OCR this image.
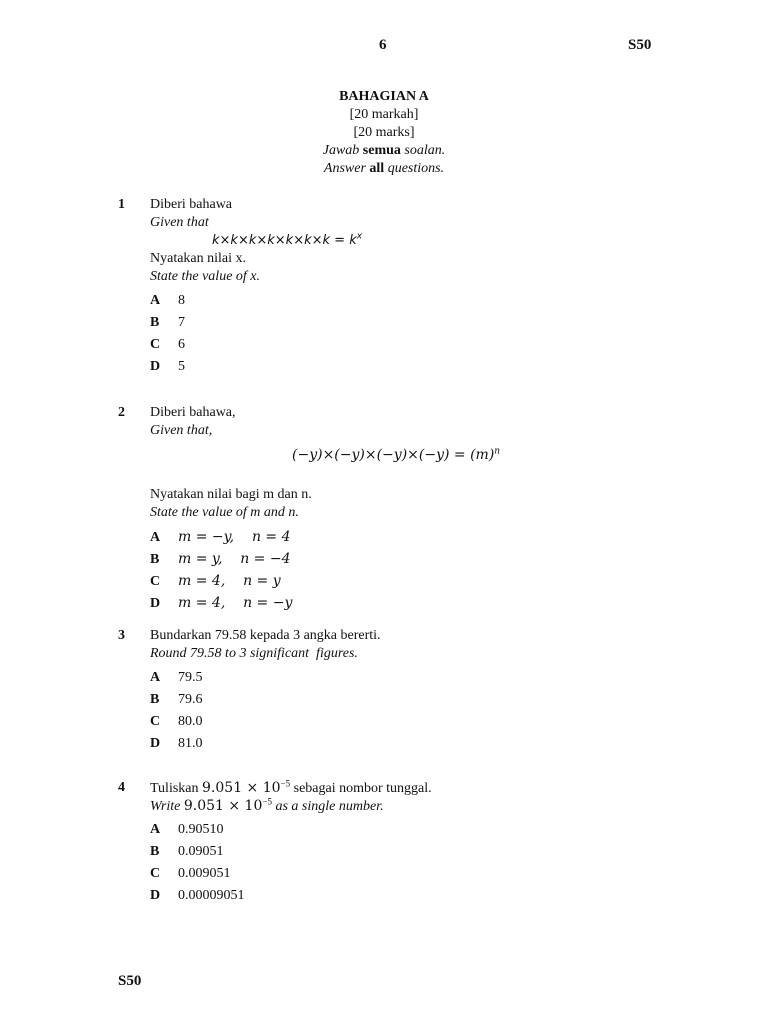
6	S50
BAHAGIAN A
[20 markah]
[20 marks]
Jawab semua soalan.
Answer all questions.
1 Diberi bahawa
Given that
$k\times k\times k\times k\times k\times k\times k = k^x$
Nyatakan nilai x.
State the value of x.
A 8
B 7
C 6
D 5
2 Diberi bahawa,
Given that,
$(-y)\times(-y)\times(-y)\times(-y) = (m)^n$
Nyatakan nilai bagi m dan n.
State the value of m and n.
A m = −y,    n = 4
B m = y,    n = −4
C m = 4,    n = y
D m = 4,    n = −y
3 Bundarkan 79.58 kepada 3 angka bererti.
Round 79.58 to 3 significant  figures.
A 79.5
B 79.6
C 80.0
D 81.0
4 Tuliskan $9.051 \times 10^{-5}$ sebagai nombor tunggal.
Write $9.051 \times 10^{-5}$ as a single number.
A 0.90510
B 0.09051
C 0.009051
D 0.00009051
S50
